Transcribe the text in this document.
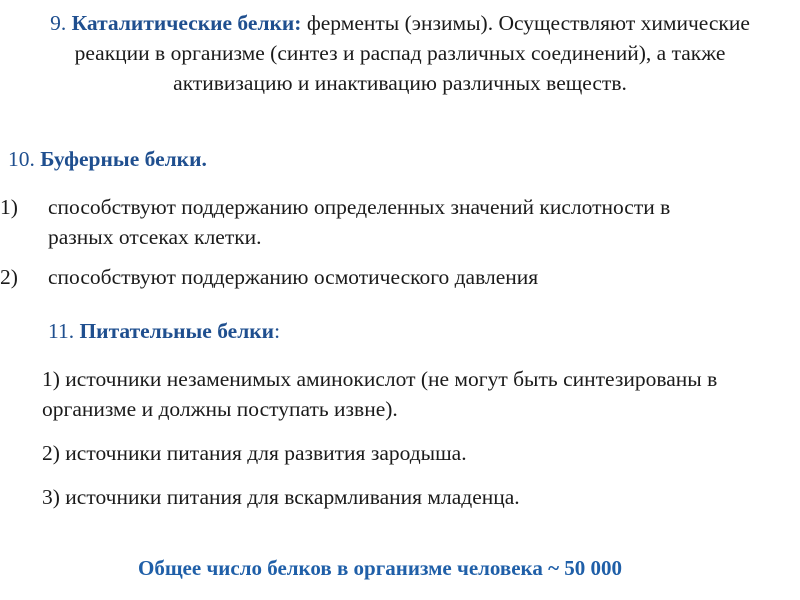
9. Каталитические белки: ферменты (энзимы). Осуществляют химические реакции в организме (синтез и распад различных соединений), а также активизацию и инактивацию различных веществ.
10. Буферные белки.
1)	способствуют поддержанию определенных значений кислотности в разных отсеках клетки.
2)	способствуют поддержанию осмотического давления
11. Питательные белки:
1) источники незаменимых аминокислот (не могут быть синтезированы в организме и должны поступать извне).
2) источники питания для развития зародыша.
3) источники питания для вскармливания младенца.
Общее число белков в организме человека ~ 50 000
